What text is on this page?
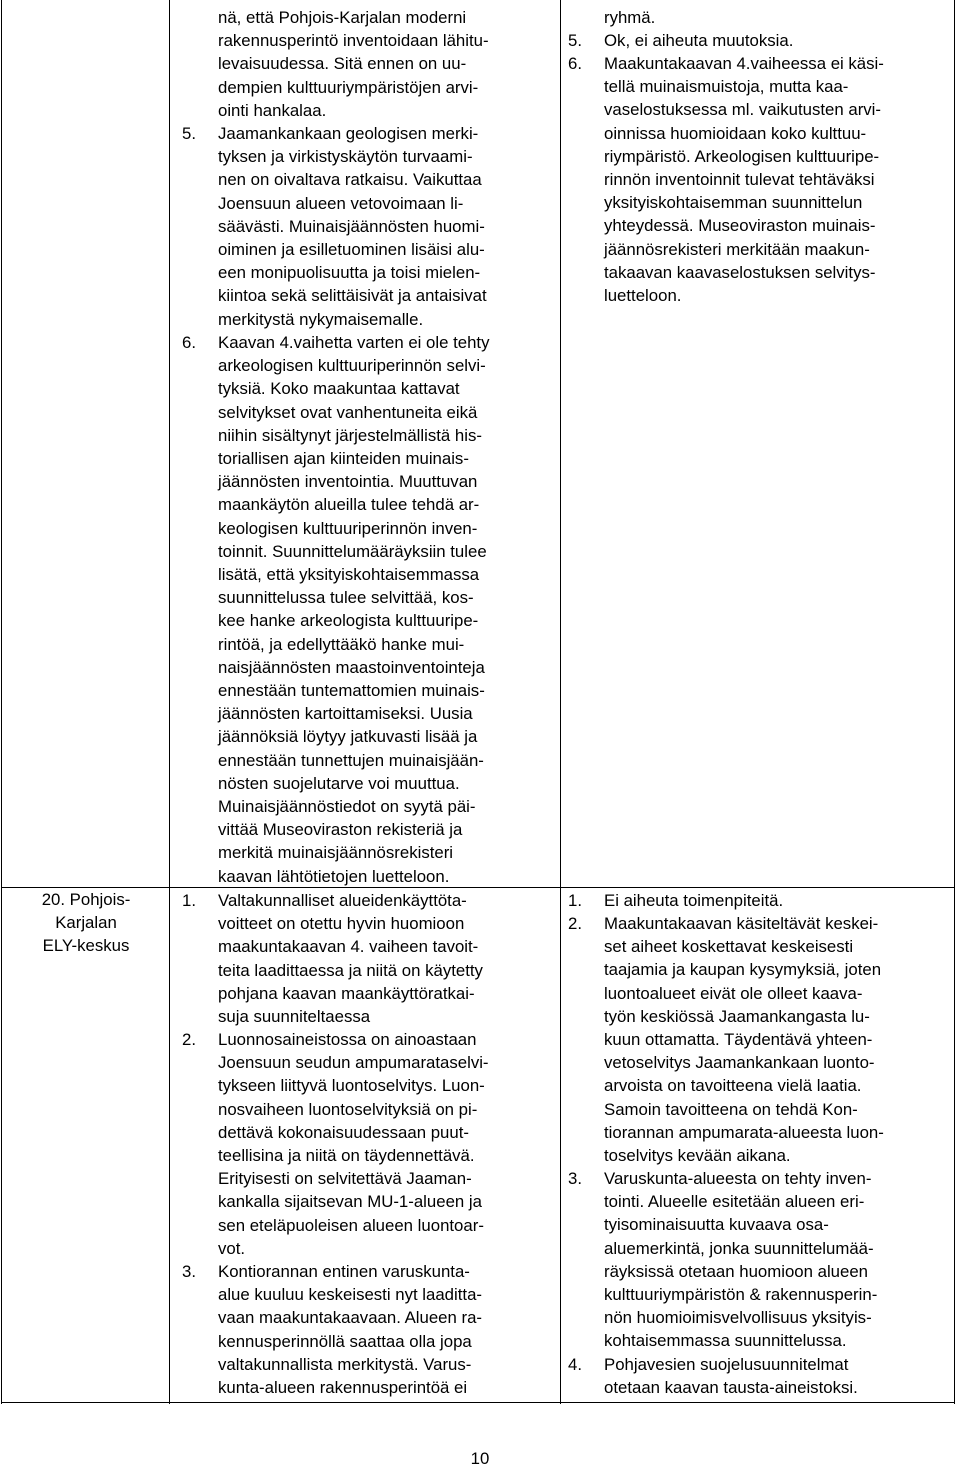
nä, että Pohjois-Karjalan moderni
rakennusperintö inventoidaan lähitu-
levaisuudessa. Sitä ennen on uu-
dempien kulttuuriympäristöjen arvi-
ointi hankalaa.
5. Jaamankankaan geologisen merki-
tyksen ja virkistyskäytön turvaami-
nen on oivaltava ratkaisu. Vaikuttaa
Joensuun alueen vetovoimaan li-
säävästi. Muinaisjäännösten huomi-
oiminen ja esilletuominen lisäisi alu-
een monipuolisuutta ja toisi mielen-
kiintoa sekä selittäisivät ja antaisivat
merkitystä nykymaisemalle.
6. Kaavan 4.vaihetta varten ei ole tehty
arkeologisen kulttuuriperinnön selvi-
tyksiä. Koko maakuntaa kattavat
selvitykset ovat vanhentuneita eikä
niihin sisältynyt järjestelmällistä his-
toriallisen ajan kiinteiden muinais-
jäännösten inventointia. Muuttuvan
maankäytön alueilla tulee tehdä ar-
keologisen kulttuuriperinnön inven-
toinnit. Suunnittelumääräyksiin tulee
lisätä, että yksityiskohtaisemmassa
suunnittelussa tulee selvittää, kos-
kee hanke arkeologista kulttuuripe-
rintöä, ja edellyttääkö hanke mui-
naisjäännösten maastoinventointeja
ennestään tuntemattomien muinais-
jäännösten kartoittamiseksi. Uusia
jäännöksiä löytyy jatkuvasti lisää ja
ennestään tunnettujen muinaisjään-
nösten suojelutarve voi muuttua.
Muinaisjäännöstiedot on syytä päi-
vittää Museoviraston rekisteriä ja
merkitä muinaisjäännösrekisteri
kaavan lähtötietojen luetteloon.
ryhmä.
5. Ok, ei aiheuta muutoksia.
6. Maakuntakaavan 4.vaiheessa ei käsi-
tellä muinaismuistoja, mutta kaa-
vaselostuksessa ml. vaikutusten arvi-
oinnissa huomioidaan koko kulttuu-
riympäristö. Arkeologisen kulttuuripe-
rinnön inventoinnit tulevat tehtäväksi
yksityiskohtaisemman suunnittelun
yhteydessä. Museoviraston muinais-
jäännösrekisteri merkitään maakun-
takaavan kaavaselostuksen selvitys-
luetteloon.
20. Pohjois-
Karjalan
ELY-keskus
1. Valtakunnalliset alueidenkäyttöta-
voitteet on otettu hyvin huomioon
maakuntakaavan 4. vaiheen tavoit-
teita laadittaessa ja niitä on käytetty
pohjana kaavan maankäyttöratkai-
suja suunniteltaessa
2. Luonnosaineistossa on ainoastaan
Joensuun seudun ampumarataselvi-
tykseen liittyvä luontoselvitys. Luon-
nosvaiheen luontoselvityksiä on pi-
dettävä kokonaisuudessaan puut-
teellisina ja niitä on täydennettävä.
Erityisesti on selvitettävä Jaaman-
kankalla sijaitsevan MU-1-alueen ja
sen eteläpuoleisen alueen luontoar-
vot.
3. Kontiorannan entinen varuskunta-
alue kuuluu keskeisesti nyt laaditta-
vaan maakuntakaavaan. Alueen ra-
kennusperinnöllä saattaa olla jopa
valtakunnallista merkitystä. Varus-
kunta-alueen rakennusperintöä ei
1. Ei aiheuta toimenpiteitä.
2. Maakuntakaavan käsiteltävät keskei-
set aiheet koskettavat keskeisesti
taajamia ja kaupan kysymyksiä, joten
luontoalueet eivät ole olleet kaava-
työn keskiössä Jaamankangasta lu-
kuun ottamatta. Täydentävä yhteen-
vetoselvitys Jaamankankaan luonto-
arvoista on tavoitteena vielä laatia.
Samoin tavoitteena on tehdä Kon-
tiorannan ampumarata-alueesta luon-
toselvitys kevään aikana.
3. Varuskunta-alueesta on tehty inven-
tointi. Alueelle esitetään alueen eri-
tyisominaisuutta kuvaava osa-
aluemerkintä, jonka suunnittelumää-
räyksissä otetaan huomioon alueen
kulttuuriympäristön & rakennusperin-
nön huomioimisvelvollisuus yksityis-
kohtaisemmassa suunnittelussa.
4. Pohjavesien suojelusuunnitelmat
otetaan kaavan tausta-aineistoksi.
10
